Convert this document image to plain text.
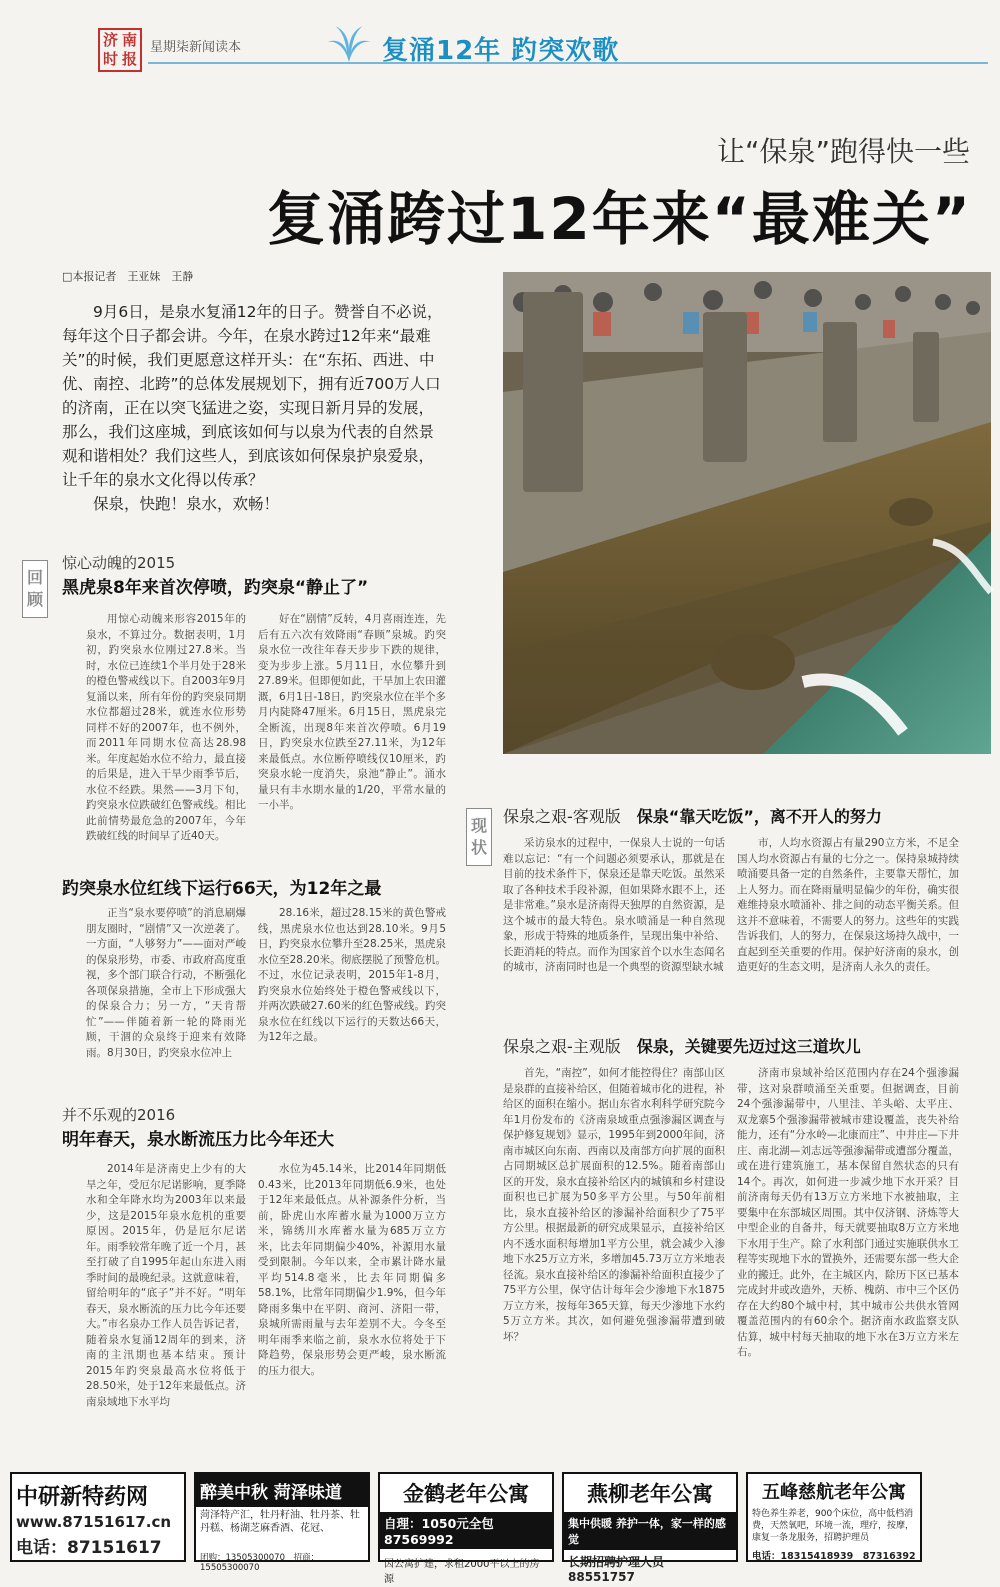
济 南
时 报
星期柒新闻读本	复涌12年 趵突欢歌
让“保泉”跑得快一些
复涌跨过12年来“最难关”
□本报记者　王亚妹　王静

9月6日，是泉水复涌12年的日子。赞誉自不必说，每年这个日子都会讲。今年，在泉水跨过12年来“最难关”的时候，我们更愿意这样开头：在“东拓、西进、中优、南控、北跨”的总体发展规划下，拥有近700万人口的济南，正在以突飞猛进之姿，实现日新月异的发展，那么，我们这座城，到底该如何与以泉为代表的自然景观和谐相处？我们这些人，到底该如何保泉护泉爱泉，让千年的泉水文化得以传承？

保泉，快跑！泉水，欢畅！

回
顾
惊心动魄的2015
黑虎泉8年来首次停喷，趵突泉“静止了”
用惊心动魄来形容2015年的泉水，不算过分。数据表明，1月初，趵突泉水位刚过27.8米。当时，水位已连续1个半月处于28米的橙色警戒线以下。自2003年9月复涌以来，所有年份的趵突泉同期水位都超过28米，就连水位形势同样不好的2007年，也不例外，而2011年同期水位高达28.98米。年度起始水位不给力，最直接的后果是，进入干旱少雨季节后，水位不经跌。果然——3月下旬，趵突泉水位跌破红色警戒线。相比此前情势最危急的2007年，今年跌破红线的时间早了近40天。
好在“剧情”反转，4月喜雨连连，先后有五六次有效降雨“春顾”泉城。趵突泉水位一改往年春天步步下跌的规律，变为步步上涨。5月11日，水位攀升到27.89米。但即便如此，干旱加上农田灌溉，6月1日-18日，趵突泉水位在半个多月内陡降47厘米。6月15日，黑虎泉完全断流，出现8年来首次停喷。6月19日，趵突泉水位跌至27.11米，为12年来最低点。水位断停喷线仅10厘米，趵突泉水轮一度消失，泉池“静止”。涌水量只有丰水期水量的1/20，平常水量的一小半。
趵突泉水位红线下运行66天，为12年之最
正当“泉水要停喷”的消息刷爆朋友圈时，“剧情”又一次逆袭了。一方面，“人够努力”——面对严峻的保泉形势，市委、市政府高度重视，多个部门联合行动，不断强化各项保泉措施，全市上下形成强大的保泉合力；另一方，“天肯帮忙”——伴随着新一轮的降雨光顾，干涸的众泉终于迎来有效降雨。8月30日，趵突泉水位冲上
28.16米，超过28.15米的黄色警戒线，黑虎泉水位也达到28.10米。9月5日，趵突泉水位攀升至28.25米，黑虎泉水位至28.20米。彻底摆脱了预警危机。不过，水位记录表明，2015年1-8月，趵突泉水位始终处于橙色警戒线以下，并两次跌破27.60米的红色警戒线。趵突泉水位在红线以下运行的天数达66天，为12年之最。
并不乐观的2016
明年春天，泉水断流压力比今年还大
2014年是济南史上少有的大旱之年，受厄尔尼诺影响，夏季降水和全年降水均为2003年以来最少，这是2015年泉水危机的重要原因。2015年，仍是厄尔尼诺年。雨季较常年晚了近一个月，甚至打破了自1995年起山东进入雨季时间的最晚纪录。这就意味着，留给明年的“底子”并不好。“明年春天，泉水断流的压力比今年还要大。”市名泉办工作人员告诉记者，随着泉水复涌12周年的到来，济南的主汛期也基本结束。预计2015年趵突泉最高水位将低于28.50米，处于12年来最低点。济南泉域地下水平均
水位为45.14米，比2014年同期低0.43米，比2013年同期低6.9米，也处于12年来最低点。从补源条件分析，当前，卧虎山水库蓄水量为1000万立方米，锦绣川水库蓄水量为685万立方米，比去年同期偏少40%，补源用水量受到限制。今年以来，全市累计降水量平均514.8毫米，比去年同期偏多58.1%，比常年同期偏少1.9%，但今年降雨多集中在平阴、商河、济阳一带，泉城所需雨量与去年差别不大。今冬至明年雨季来临之前，泉水水位将处于下降趋势，保泉形势会更严峻，泉水断流的压力很大。
现
状
保泉之艰-客观版　 保泉“靠天吃饭”，离不开人的努力
采访泉水的过程中，一保泉人士说的一句话难以忘记：“有一个问题必须要承认，那就是在目前的技术条件下，保泉还是靠天吃饭。虽然采取了各种技术手段补源，但如果降水跟不上，还是非常难。”泉水是济南得天独厚的自然资源，是这个城市的最大特色。泉水喷涌是一种自然现象，形成于特殊的地质条件，呈现出集中补给、长距消耗的特点。而作为国家首个以水生态闻名的城市，济南同时也是一个典型的资源型缺水城
市，人均水资源占有量290立方米，不足全国人均水资源占有量的七分之一。保持泉城持续喷涌要具备一定的自然条件，主要靠天帮忙，加上人努力。而在降雨量明显偏少的年份，确实很难维持泉水喷涌补、排之间的动态平衡关系。但这并不意味着，不需要人的努力。这些年的实践告诉我们，人的努力，在保泉这场持久战中，一直起到至关重要的作用。保护好济南的泉水，创造更好的生态文明，是济南人永久的责任。
保泉之艰-主观版　 保泉，关键要先迈过这三道坎儿
首先，“南控”，如何才能控得住？南部山区是泉群的直接补给区，但随着城市化的进程，补给区的面积在缩小。据山东省水利科学研究院今年1月份发布的《济南泉域重点强渗漏区调查与保护修复规划》显示，1995年到2000年间，济南市城区向东南、西南以及南部方向扩展的面积占同期城区总扩展面积的12.5%。随着南部山区的开发，泉水直接补给区内的城镇和乡村建设面积也已扩展为50多平方公里。与50年前相比，泉水直接补给区的渗漏补给面积少了75平方公里。根据最新的研究成果显示，直接补给区内不透水面积每增加1平方公里，就会减少入渗地下水25万立方米，多增加45.73万立方米地表径流。泉水直接补给区的渗漏补给面积直接少了75平方公里，保守估计每年会少渗地下水1875万立方米，按每年365天算，每天少渗地下水约5万立方米。其次，如何避免强渗漏带遭到破坏？
济南市泉域补给区范围内存在24个强渗漏带，这对泉群喷涌至关重要。但据调查，目前24个强渗漏带中，八里洼、羊头峪、太平庄、双龙寨5个强渗漏带被城市建设覆盖，丧失补给能力，还有“分水岭—北康而庄”、中井庄—下井庄、南北湖—刘志远等强渗漏带或遭部分覆盖，或在进行建筑施工，基本保留自然状态的只有14个。再次，如何进一步减少地下水开采？目前济南每天仍有13万立方米地下水被抽取，主要集中在东部城区周围。其中仅济钢、济炼等大中型企业的自备井，每天就要抽取8万立方米地下水用于生产。除了水利部门通过实施联供水工程等实现地下水的置换外，还需要东部一些大企业的搬迁。此外，在主城区内，除历下区已基本完成封井或改造外，天桥、槐荫、市中三个区仍存在大约80个城中村，其中城市公共供水管网覆盖范围内的有60余个。据济南水政监察支队估算，城中村每天抽取的地下水在3万立方米左右。
中研新特药网
www.87151617.cn
电话：87151617
醉美中秋 菏泽味道
菏泽特产汇，牡丹籽油、牡丹茶、牡丹糕、杨湖芝麻香酒、花冠、
团购：13505300070　招商：15505300070
金鹤老年公寓
自理：1050元全包87569992
因公寓扩建，求租2000平以上的房源
燕柳老年公寓
集中供暖 养护一体，家一样的感觉
长期招聘护理人员 88551757
五峰慈航老年公寓
特色养生养老，900个床位，高中低档消费，天然氧吧，环境一流，理疗，按摩，康复一条龙服务，招聘护理员
电话：18315418939　87316392
